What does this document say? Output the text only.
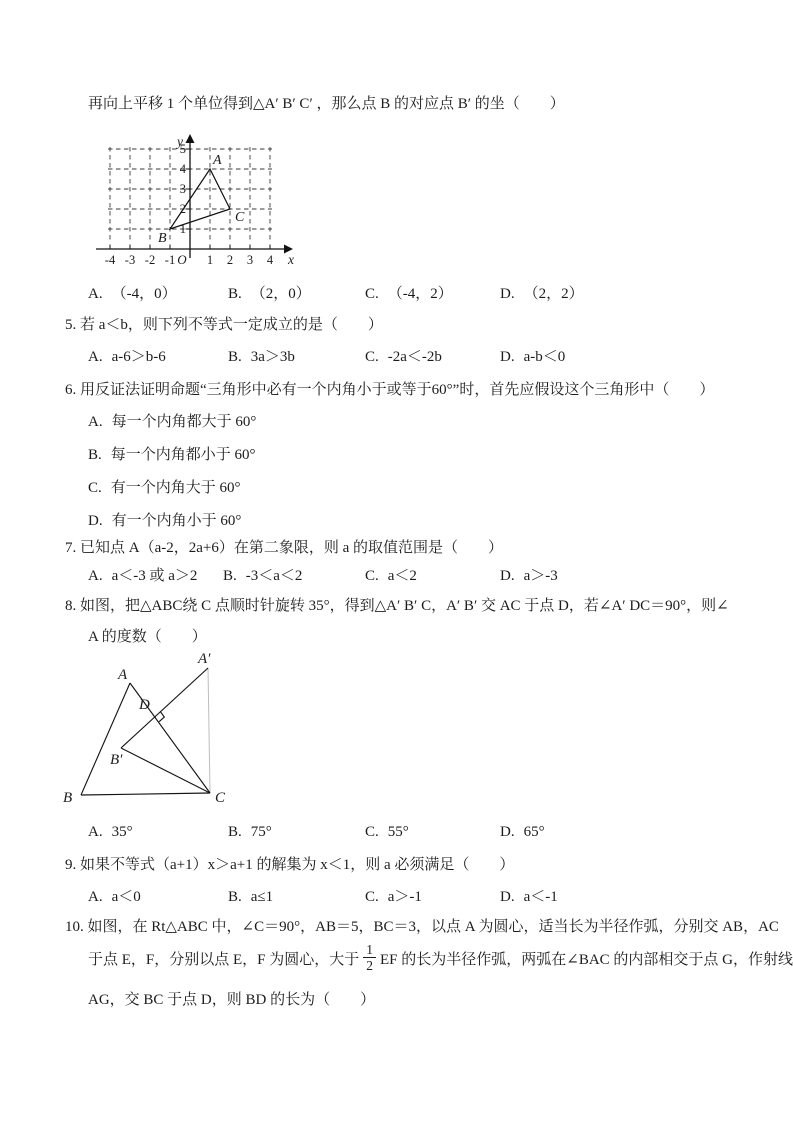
再向上平移 1 个单位得到△A′ B′ C′ ，那么点 B 的对应点 B′ 的坐（　　）
-4 -3 -2 -1	1 2 3 4
1
2
3
4
5
O	x
y
A
B
C
A. （-4，0）	B. （2，0）	C. （-4，2）	D. （2，2）
5. 若 a＜b，则下列不等式一定成立的是（　　）
A. a-6＞b-6	B. 3a＞3b	C. -2a＜-2b	D. a-b＜0
6. 用反证法证明命题“三角形中必有一个内角小于或等于60°”时，首先应假设这个三角形中（　　）
A. 每一个内角都大于 60°
B. 每一个内角都小于 60°
C. 有一个内角大于 60°
D. 有一个内角小于 60°
7. 已知点 A（a-2，2a+6）在第二象限，则 a 的取值范围是（　　）
A. a＜-3 或 a＞2 B. -3＜a＜2	C. a＜2	D. a＞-3
8. 如图，把△ABC绕 C 点顺时针旋转 35°，得到△A′ B′ C，A′ B′ 交 AC 于点 D，若∠A′ DC＝90°，则∠
A 的度数（　　）
A
A′
B
B′
C
D
A. 35°	B. 75°	C. 55°	D. 65°
9. 如果不等式（a+1）x＞a+1 的解集为 x＜1，则 a 必须满足（　　）
A. a＜0	B. a≤1	C. a＞-1	D. a＜-1
10. 如图，在 Rt△ABC 中，∠C＝90°，AB＝5，BC＝3，以点 A 为圆心，适当长为半径作弧，分别交 AB，AC
于点 E，F，分别以点 E，F 为圆心，大于 $\frac{1}{2}$ EF 的长为半径作弧，两弧在∠BAC 的内部相交于点 G，作射线
AG，交 BC 于点 D，则 BD 的长为（　　）
